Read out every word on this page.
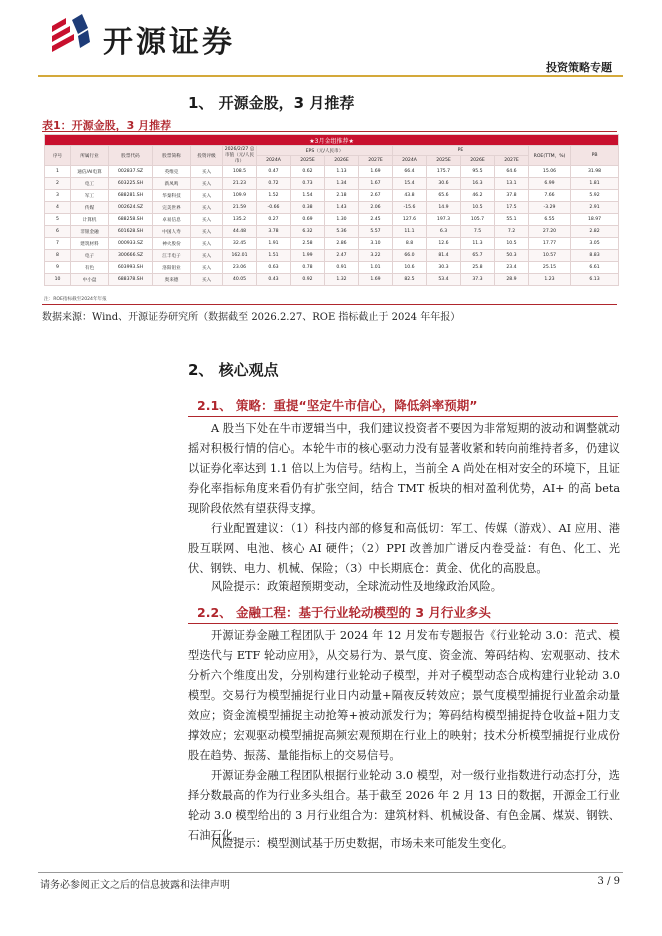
开源证券
投资策略专题
1、 开源金股，3 月推荐
表1：开源金股，3 月推荐
★3月金组推荐★															
序号	所属行业	股票代码	股票简称	投资评级	2026/2/27 总市值（元/人民币）	EPS（元/人民币）				PE				ROE(TTM，%)	PB
						2024A	2025E	2026E	2027E	2024A	2025E	2026E	2027E		
1	通信/AI电算	002837.SZ	英维克	买入	108.5	0.47	0.62	1.13	1.69	66.4	175.7	95.5	64.6	15.06	31.98
2	电工	603225.SH	新凤鸣	买入	21.23	0.72	0.73	1.34	1.67	15.4	30.6	16.3	13.1	6.99	1.81
3	军工	688281.SH	华秦科技	买入	109.9	1.52	1.54	2.18	2.67	43.8	65.6	46.2	37.8	7.66	5.92
4	传媒	002624.SZ	完美世界	买入	21.59	-0.66	0.38	1.43	2.06	-15.6	14.9	10.5	17.5	-3.29	2.91
5	计算机	688258.SH	卓易信息	买入	135.2	0.27	0.69	1.30	2.45	127.6	197.3	105.7	55.1	6.55	18.97
6	非银金融	601628.SH	中国人寿	买入	44.48	3.78	6.32	5.36	5.57	11.1	6.3	7.5	7.2	27.20	2.82
7	建筑材料	000933.SZ	神火股份	买入	32.45	1.91	2.58	2.86	3.10	8.8	12.6	11.3	10.5	17.77	3.05
8	电子	300666.SZ	江丰电子	买入	162.01	1.51	1.99	2.47	3.22	66.0	81.4	65.7	50.3	10.57	8.83
9	有色	603993.SH	洛阳钼业	买入	23.06	0.63	0.78	0.91	1.01	10.6	30.3	25.8	23.4	25.15	6.61
10	中小盘	688378.SH	奥来德	买入	40.05	0.43	0.92	1.32	1.69	82.5	53.4	37.3	28.9	1.23	6.13
注：ROE指标截至2024年年报
数据来源：Wind、开源证券研究所（数据截至 2026.2.27、ROE 指标截止于 2024 年年报）
2、 核心观点
2.1、 策略：重提“坚定牛市信心，降低斜率预期”

A 股当下处在牛市逻辑当中，我们建议投资者不要因为非常短期的波动和调整就动摇对积极行情的信心。本轮牛市的核心驱动力没有显著收紧和转向前维持者多，仍建议以证券化率达到 1.1 倍以上为信号。结构上，当前全 A 尚处在相对安全的环境下，且证券化率指标角度来看仍有扩张空间，结合 TMT 板块的相对盈利优势，AI+ 的高 beta 现阶段依然有望获得支撑。

行业配置建议：（1）科技内部的修复和高低切：军工、传媒（游戏）、AI 应用、港股互联网、电池、核心 AI 硬件；（2）PPI 改善加广谱反内卷受益：有色、化工、光伏、钢铁、电力、机械、保险；（3）中长期底仓：黄金、优化的高股息。

风险提示：政策超预期变动，全球流动性及地缘政治风险。

2.2、 金融工程：基于行业轮动模型的 3 月行业多头

开源证券金融工程团队于 2024 年 12 月发布专题报告《行业轮动 3.0：范式、模型迭代与 ETF 轮动应用》，从交易行为、景气度、资金流、筹码结构、宏观驱动、技术分析六个维度出发，分别构建行业轮动子模型，并对子模型动态合成构建行业轮动 3.0 模型。交易行为模型捕捉行业日内动量+隔夜反转效应；景气度模型捕捉行业盈余动量效应；资金流模型捕捉主动抢筹+被动派发行为；筹码结构模型捕捉持仓收益+阻力支撑效应；宏观驱动模型捕捉高频宏观预期在行业上的映射；技术分析模型捕捉行业成份股在趋势、振荡、量能指标上的交易信号。

开源证券金融工程团队根据行业轮动 3.0 模型，对一级行业指数进行动态打分，选择分数最高的作为行业多头组合。基于截至 2026 年 2 月 13 日的数据，开源金工行业轮动 3.0 模型给出的 3 月行业组合为：建筑材料、机械设备、有色金属、煤炭、钢铁、石油石化。

风险提示：模型测试基于历史数据，市场未来可能发生变化。

请务必参阅正文之后的信息披露和法律声明	3 / 9
